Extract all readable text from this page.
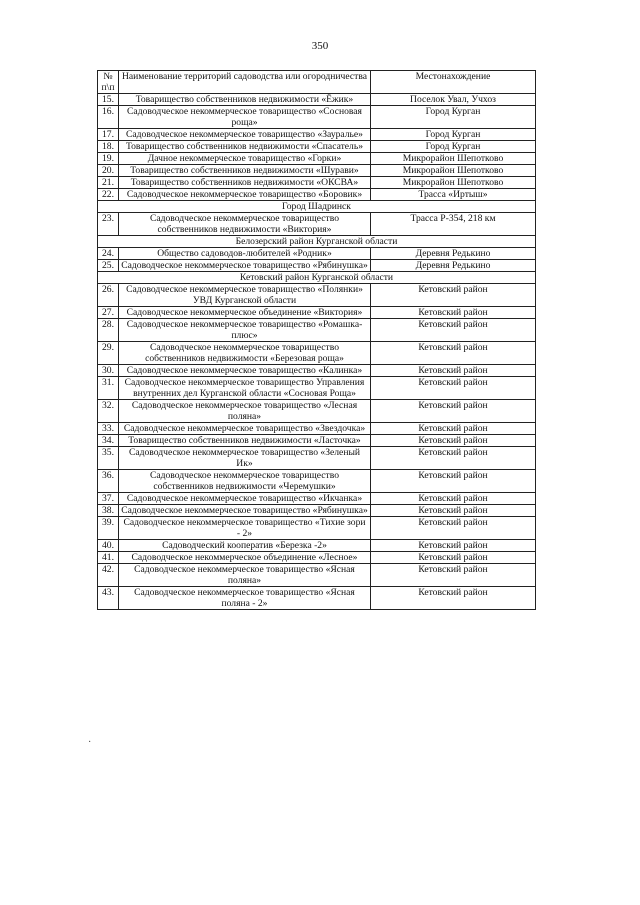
350
№ п\п	Наименование территорий садоводства или огородничества	Местонахождение
15.	Товарищество собственников недвижимости «Ёжик»	Поселок Увал, Учхоз
16.	Садоводческое некоммерческое товарищество «Сосновая роща»	Город Курган
17.	Садоводческое некоммерческое товарищество «Зауралье»	Город Курган
18.	Товарищество собственников недвижимости «Спасатель»	Город Курган
19.	Дачное некоммерческое товарищество «Горки»	Микрорайон Шепотково
20.	Товарищество собственников недвижимости «Шурави»	Микрорайон Шепотково
21.	Товарищество собственников недвижимости «ОКСВА»	Микрорайон Шепотково
22.	Садоводческое некоммерческое товарищество «Боровик»	Трасса «Иртыш»
Город Шадринск		
23.	Садоводческое некоммерческое товарищество собственников недвижимости «Виктория»	Трасса Р-354, 218 км
Белозерский район Курганской области		
24.	Общество садоводов-любителей «Родник»	Деревня Редькино
25.	Садоводческое некоммерческое товарищество «Рябинушка»	Деревня Редькино
Кетовский район Курганской области		
26.	Садоводческое некоммерческое товарищество «Полянки» УВД Курганской области	Кетовский район
27.	Садоводческое некоммерческое объединение «Виктория»	Кетовский район
28.	Садоводческое некоммерческое товарищество «Ромашка-плюс»	Кетовский район
29.	Садоводческое некоммерческое товарищество собственников недвижимости «Березовая роща»	Кетовский район
30.	Садоводческое некоммерческое товарищество «Калинка»	Кетовский район
31.	Садоводческое некоммерческое товарищество Управления внутренних дел Курганской области «Сосновая Роща»	Кетовский район
32.	Садоводческое некоммерческое товарищество «Лесная поляна»	Кетовский район
33.	Садоводческое некоммерческое товарищество «Звездочка»	Кетовский район
34.	Товарищество собственников недвижимости «Ласточка»	Кетовский район
35.	Садоводческое некоммерческое товарищество «Зеленый Ик»	Кетовский район
36.	Садоводческое некоммерческое товарищество собственников недвижимости «Черемушки»	Кетовский район
37.	Садоводческое некоммерческое товарищество «Икчанка»	Кетовский район
38.	Садоводческое некоммерческое товарищество «Рябинушка»	Кетовский район
39.	Садоводческое некоммерческое товарищество «Тихие зори - 2»	Кетовский район
40.	Садоводческий кооператив «Березка -2»	Кетовский район
41.	Садоводческое некоммерческое объединение «Лесное»	Кетовский район
42.	Садоводческое некоммерческое товарищество «Ясная поляна»	Кетовский район
43.	Садоводческое некоммерческое товарищество «Ясная поляна - 2»	Кетовский район
·
